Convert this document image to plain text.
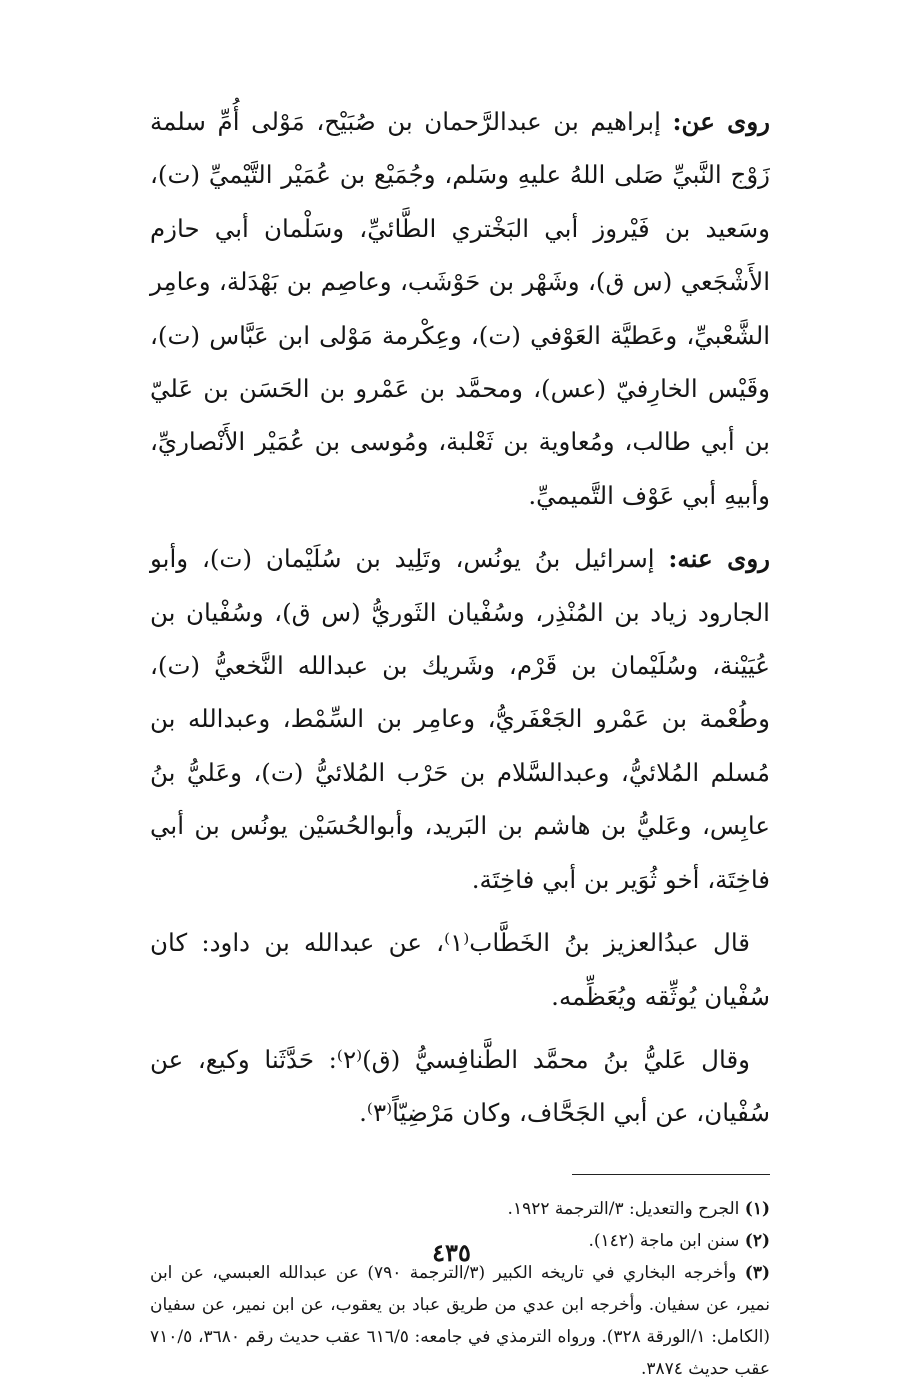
روى عن: إبراهيم بن عبدالرَّحمان بن صُبَيْح، مَوْلى أُمِّ سلمة زَوْج النَّبيِّ صَلى اللهُ عليهِ وسَلم، وجُمَيْع بن عُمَيْر التَّيْميِّ (ت)، وسَعيد بن فَيْروز أبي البَخْتري الطَّائيِّ، وسَلْمان أبي حازم الأَشْجَعي (س ق)، وشَهْر بن حَوْشَب، وعاصِم بن بَهْدَلة، وعامِر الشَّعْبيِّ، وعَطيَّة العَوْفي (ت)، وعِكْرمة مَوْلى ابن عَبَّاس (ت)، وقَيْس الخارِفيّ (عس)، ومحمَّد بن عَمْرو بن الحَسَن بن عَليّ بن أبي طالب، ومُعاوية بن ثَعْلبة، ومُوسى بن عُمَيْر الأَنْصاريِّ، وأبيهِ أبي عَوْف التَّميميِّ.

روى عنه: إسرائيل بنُ يونُس، وتَلِيد بن سُلَيْمان (ت)، وأبو الجارود زياد بن المُنْذِر، وسُفْيان الثَوريُّ (س ق)، وسُفْيان بن عُيَيْنة، وسُلَيْمان بن قَرْم، وشَريك بن عبدالله النَّخعيُّ (ت)، وطُعْمة بن عَمْرو الجَعْفَريُّ، وعامِر بن السِّمْط، وعبدالله بن مُسلم المُلائيُّ، وعبدالسَّلام بن حَرْب المُلائيُّ (ت)، وعَليُّ بنُ عابِس، وعَليُّ بن هاشم بن البَريد، وأبوالحُسَيْن يونُس بن أبي فاخِتَة، أخو ثُوَير بن أبي فاخِتَة.

قال عبدُالعزيز بنُ الخَطَّاب⁽١⁾، عن عبدالله بن داود: كان سُفْيان يُوثِّقه ويُعَظِّمه.

وقال عَليُّ بنُ محمَّد الطَّنافِسيُّ (ق)⁽٢⁾: حَدَّثَنا وكيع، عن سُفْيان، عن أبي الجَحَّاف، وكان مَرْضِيّاً⁽٣⁾.

(١) الجرح والتعديل: ٣/الترجمة ١٩٢٢.

(٢) سنن ابن ماجة (١٤٢).

(٣) وأخرجه البخاري في تاريخه الكبير (٣/الترجمة ٧٩٠) عن عبدالله العبسي، عن ابن نمير، عن سفيان. وأخرجه ابن عدي من طريق عباد بن يعقوب، عن ابن نمير، عن سفيان (الكامل: ١/الورقة ٣٢٨). ورواه الترمذي في جامعه: ٦١٦/٥ عقب حديث رقم ٣٦٨٠، ٧١٠/٥ عقب حديث ٣٨٧٤.

٤٣٥
